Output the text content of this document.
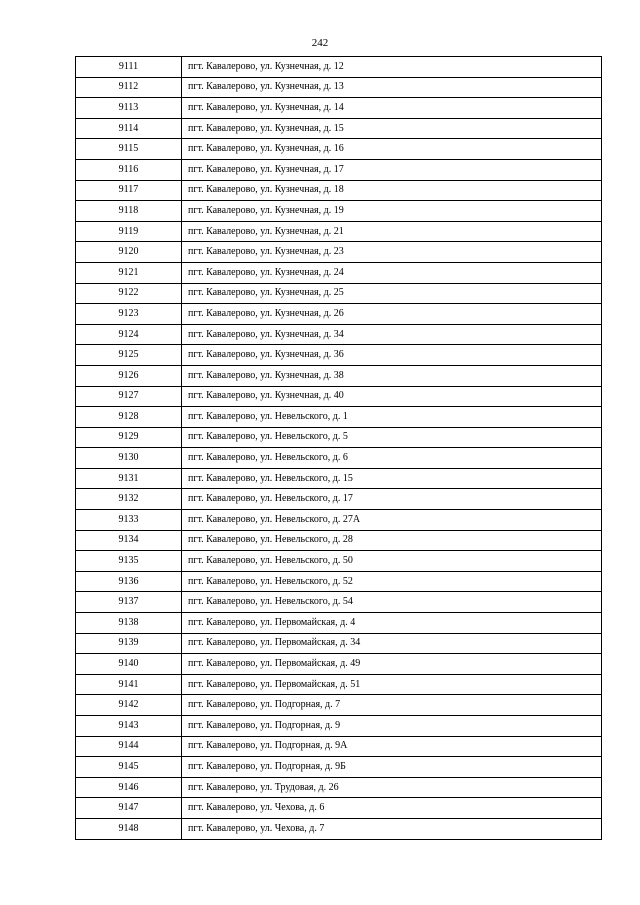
242
9111	пгт. Кавалерово, ул. Кузнечная, д. 12
9112	пгт. Кавалерово, ул. Кузнечная, д. 13
9113	пгт. Кавалерово, ул. Кузнечная, д. 14
9114	пгт. Кавалерово, ул. Кузнечная, д. 15
9115	пгт. Кавалерово, ул. Кузнечная, д. 16
9116	пгт. Кавалерово, ул. Кузнечная, д. 17
9117	пгт. Кавалерово, ул. Кузнечная, д. 18
9118	пгт. Кавалерово, ул. Кузнечная, д. 19
9119	пгт. Кавалерово, ул. Кузнечная, д. 21
9120	пгт. Кавалерово, ул. Кузнечная, д. 23
9121	пгт. Кавалерово, ул. Кузнечная, д. 24
9122	пгт. Кавалерово, ул. Кузнечная, д. 25
9123	пгт. Кавалерово, ул. Кузнечная, д. 26
9124	пгт. Кавалерово, ул. Кузнечная, д. 34
9125	пгт. Кавалерово, ул. Кузнечная, д. 36
9126	пгт. Кавалерово, ул. Кузнечная, д. 38
9127	пгт. Кавалерово, ул. Кузнечная, д. 40
9128	пгт. Кавалерово, ул. Невельского, д. 1
9129	пгт. Кавалерово, ул. Невельского, д. 5
9130	пгт. Кавалерово, ул. Невельского, д. 6
9131	пгт. Кавалерово, ул. Невельского, д. 15
9132	пгт. Кавалерово, ул. Невельского, д. 17
9133	пгт. Кавалерово, ул. Невельского, д. 27А
9134	пгт. Кавалерово, ул. Невельского, д. 28
9135	пгт. Кавалерово, ул. Невельского, д. 50
9136	пгт. Кавалерово, ул. Невельского, д. 52
9137	пгт. Кавалерово, ул. Невельского, д. 54
9138	пгт. Кавалерово, ул. Первомайская, д. 4
9139	пгт. Кавалерово, ул. Первомайская, д. 34
9140	пгт. Кавалерово, ул. Первомайская, д. 49
9141	пгт. Кавалерово, ул. Первомайская, д. 51
9142	пгт. Кавалерово, ул. Подгорная, д. 7
9143	пгт. Кавалерово, ул. Подгорная, д. 9
9144	пгт. Кавалерово, ул. Подгорная, д. 9А
9145	пгт. Кавалерово, ул. Подгорная, д. 9Б
9146	пгт. Кавалерово, ул. Трудовая, д. 26
9147	пгт. Кавалерово, ул. Чехова, д. 6
9148	пгт. Кавалерово, ул. Чехова, д. 7
